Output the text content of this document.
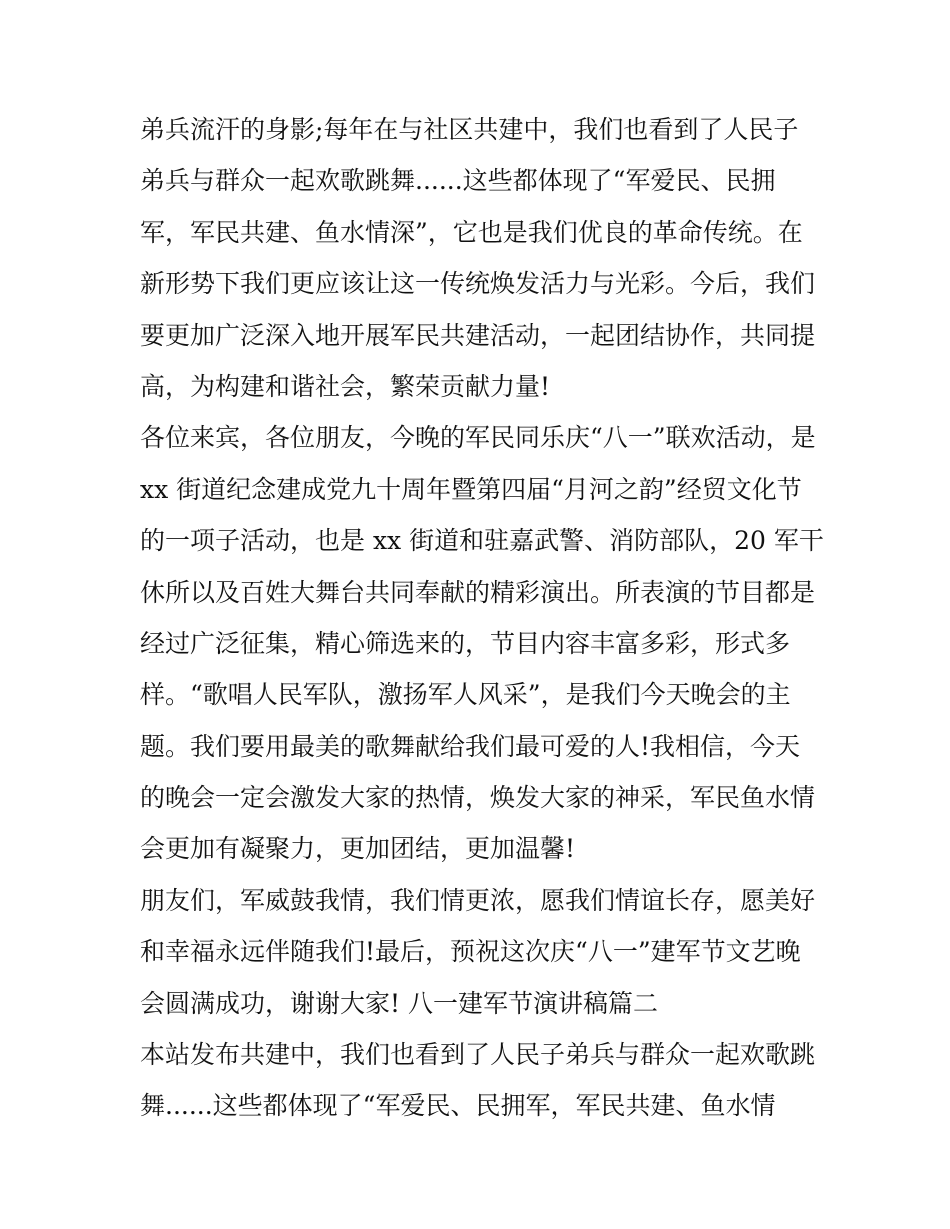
弟兵流汗的身影;每年在与社区共建中，我们也看到了人民子
弟兵与群众一起欢歌跳舞......这些都体现了“军爱民、民拥
军，军民共建、鱼水情深”，它也是我们优良的革命传统。在
新形势下我们更应该让这一传统焕发活力与光彩。今后，我们
要更加广泛深入地开展军民共建活动，一起团结协作，共同提
高，为构建和谐社会，繁荣贡献力量!
各位来宾，各位朋友，今晚的军民同乐庆“八一”联欢活动，是
xx 街道纪念建成党九十周年暨第四届“月河之韵”经贸文化节
的一项子活动，也是 xx 街道和驻嘉武警、消防部队，20 军干
休所以及百姓大舞台共同奉献的精彩演出。所表演的节目都是
经过广泛征集，精心筛选来的，节目内容丰富多彩，形式多
样。“歌唱人民军队，激扬军人风采”，是我们今天晚会的主
题。我们要用最美的歌舞献给我们最可爱的人!我相信，今天
的晚会一定会激发大家的热情，焕发大家的神采，军民鱼水情
会更加有凝聚力，更加团结，更加温馨!
朋友们，军威鼓我情，我们情更浓，愿我们情谊长存，愿美好
和幸福永远伴随我们!最后，预祝这次庆“八一”建军节文艺晚
会圆满成功，谢谢大家! 八一建军节演讲稿篇二
本站发布共建中，我们也看到了人民子弟兵与群众一起欢歌跳
舞......这些都体现了“军爱民、民拥军，军民共建、鱼水情
